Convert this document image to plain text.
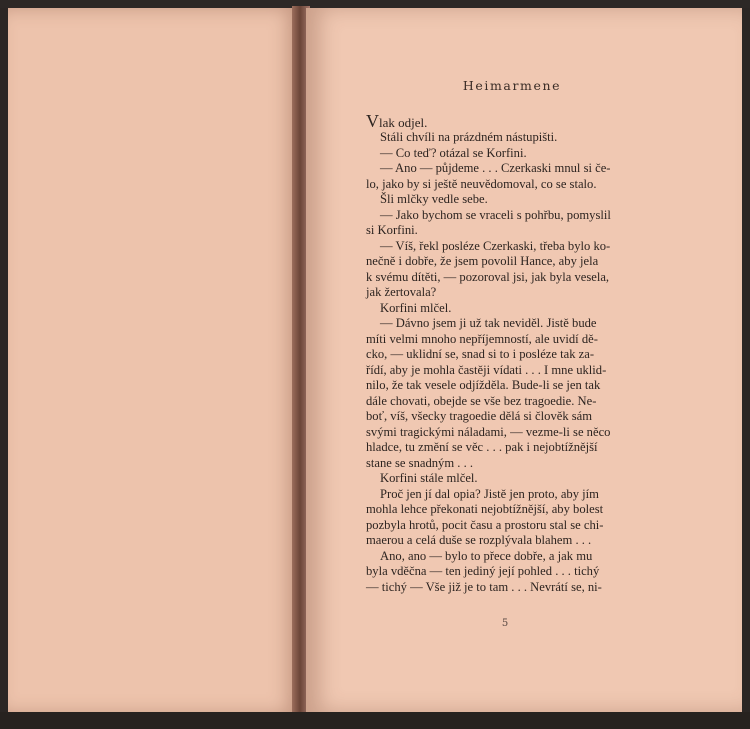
Heimarmene
Vlak odjel.
Stáli chvíli na prázdném nástupišti.
— Co teď? otázal se Korfini.
— Ano — půjdeme . . . Czerkaski mnul si če-
lo, jako by si ještě neuvědomoval, co se stalo.
Šli mlčky vedle sebe.
— Jako bychom se vraceli s pohřbu, pomyslil
si Korfini.
— Víš, řekl posléze Czerkaski, třeba bylo ko-
nečně i dobře, že jsem povolil Hance, aby jela
k svému dítěti, — pozoroval jsi, jak byla vesela,
jak žertovala?
Korfini mlčel.
— Dávno jsem ji už tak neviděl. Jistě bude
míti velmi mnoho nepříjemností, ale uvidí dě-
cko, — uklidní se, snad si to i posléze tak za-
řídí, aby je mohla častěji vídati . . . I mne uklid-
nilo, že tak vesele odjížděla. Bude-li se jen tak
dále chovati, obejde se vše bez tragoedie. Ne-
boť, víš, všecky tragoedie dělá si člověk sám
svými tragickými náladami, — vezme-li se něco
hladce, tu změní se věc . . . pak i nejobtížnější
stane se snadným . . .
Korfini stále mlčel.
Proč jen jí dal opia? Jistě jen proto, aby jím
mohla lehce překonati nejobtížnější, aby bolest
pozbyla hrotů, pocit času a prostoru stal se chi-
maerou a celá duše se rozplývala blahem . . .
Ano, ano — bylo to přece dobře, a jak mu
byla vděčna — ten jediný její pohled . . . tichý
— tichý — Vše již je to tam . . . Nevrátí se, ni-
5
